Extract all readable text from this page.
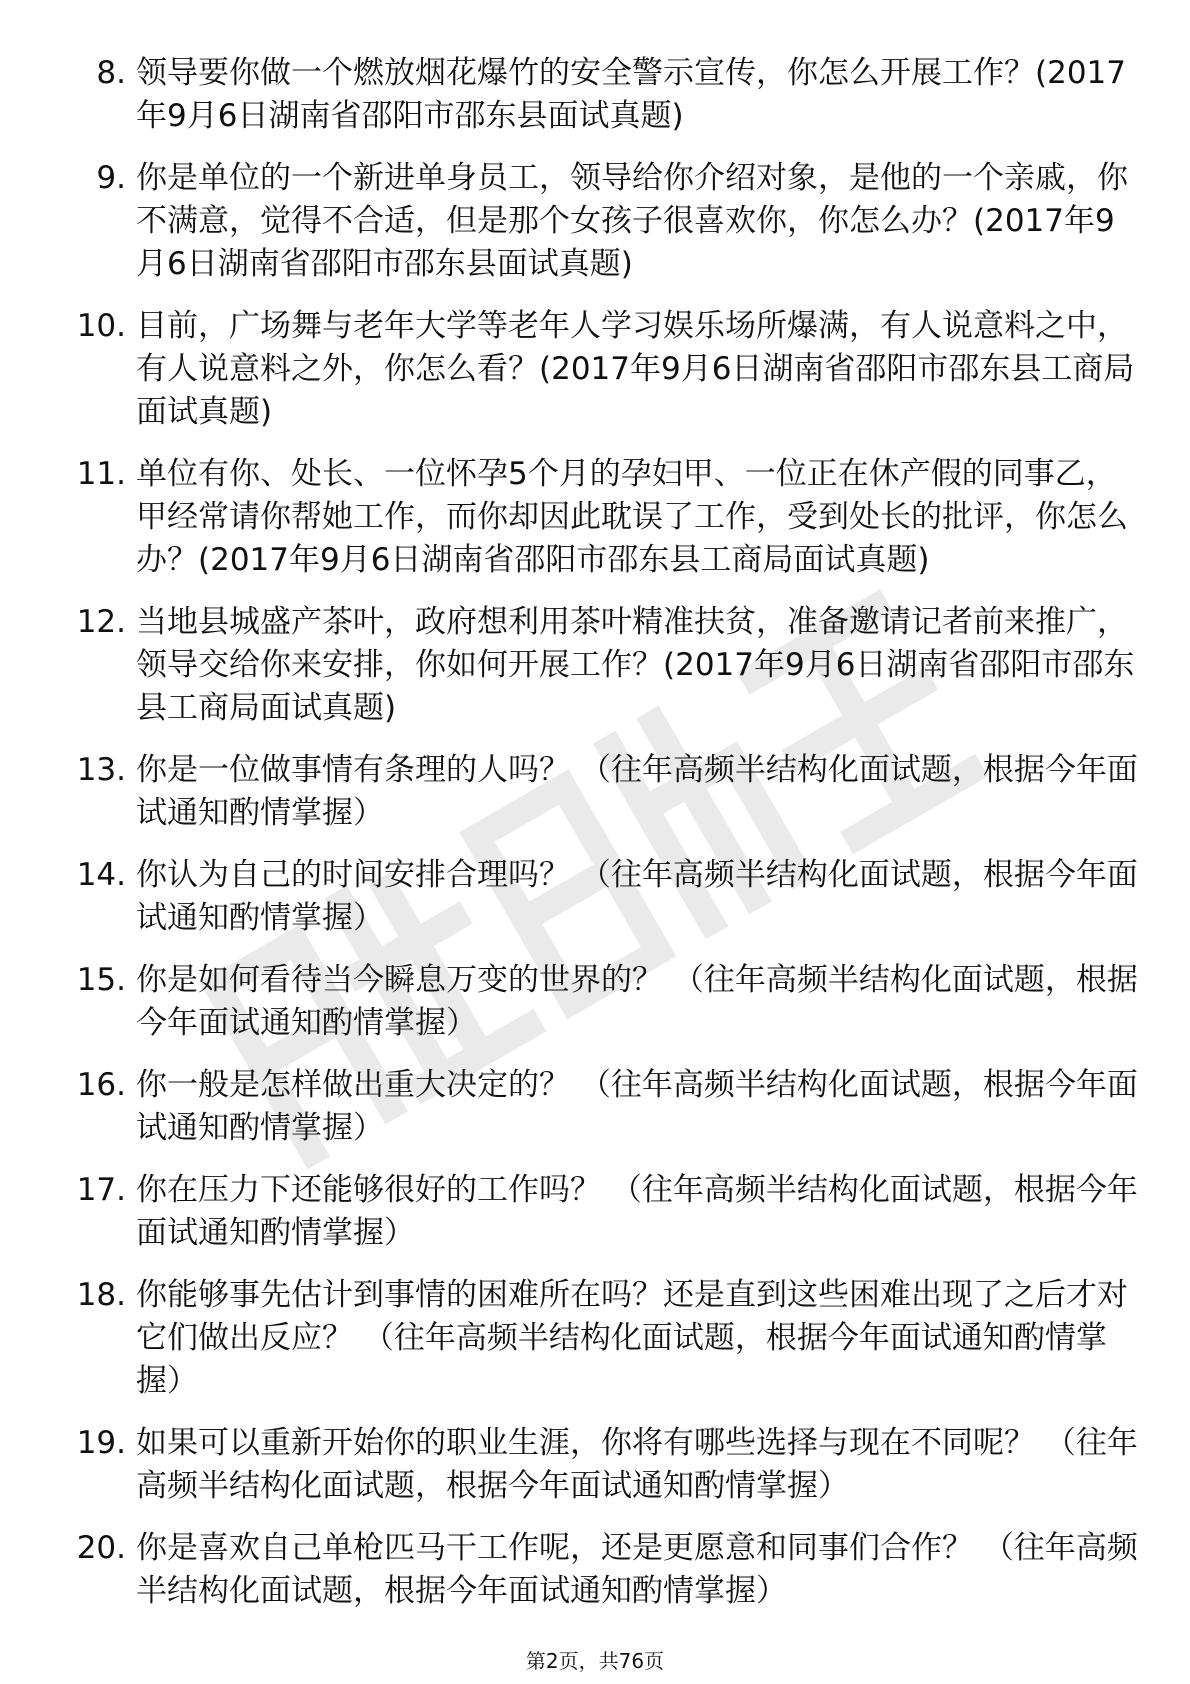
8. 领导要你做一个燃放烟花爆竹的安全警示宣传，你怎么开展工作？(2017年9月6日湖南省邵阳市邵东县面试真题)
9. 你是单位的一个新进单身员工，领导给你介绍对象，是他的一个亲戚，你不满意，觉得不合适，但是那个女孩子很喜欢你，你怎么办？(2017年9月6日湖南省邵阳市邵东县面试真题)
10. 目前，广场舞与老年大学等老年人学习娱乐场所爆满，有人说意料之中，有人说意料之外，你怎么看？(2017年9月6日湖南省邵阳市邵东县工商局面试真题)
11. 单位有你、处长、一位怀孕5个月的孕妇甲、一位正在休产假的同事乙，甲经常请你帮她工作，而你却因此耽误了工作，受到处长的批评，你怎么办？(2017年9月6日湖南省邵阳市邵东县工商局面试真题)
12. 当地县城盛产茶叶，政府想利用茶叶精准扶贫，准备邀请记者前来推广，领导交给你来安排，你如何开展工作？(2017年9月6日湖南省邵阳市邵东县工商局面试真题)
13. 你是一位做事情有条理的人吗？ （往年高频半结构化面试题，根据今年面试通知酌情掌握）
14. 你认为自己的时间安排合理吗？ （往年高频半结构化面试题，根据今年面试通知酌情掌握）
15. 你是如何看待当今瞬息万变的世界的？ （往年高频半结构化面试题，根据今年面试通知酌情掌握）
16. 你一般是怎样做出重大决定的？ （往年高频半结构化面试题，根据今年面试通知酌情掌握）
17. 你在压力下还能够很好的工作吗？ （往年高频半结构化面试题，根据今年面试通知酌情掌握）
18. 你能够事先估计到事情的困难所在吗？还是直到这些困难出现了之后才对它们做出反应？ （往年高频半结构化面试题，根据今年面试通知酌情掌握）
19. 如果可以重新开始你的职业生涯，你将有哪些选择与现在不同呢？ （往年高频半结构化面试题，根据今年面试通知酌情掌握）
20. 你是喜欢自己单枪匹马干工作呢，还是更愿意和同事们合作？ （往年高频半结构化面试题，根据今年面试通知酌情掌握）
第2页，共76页
